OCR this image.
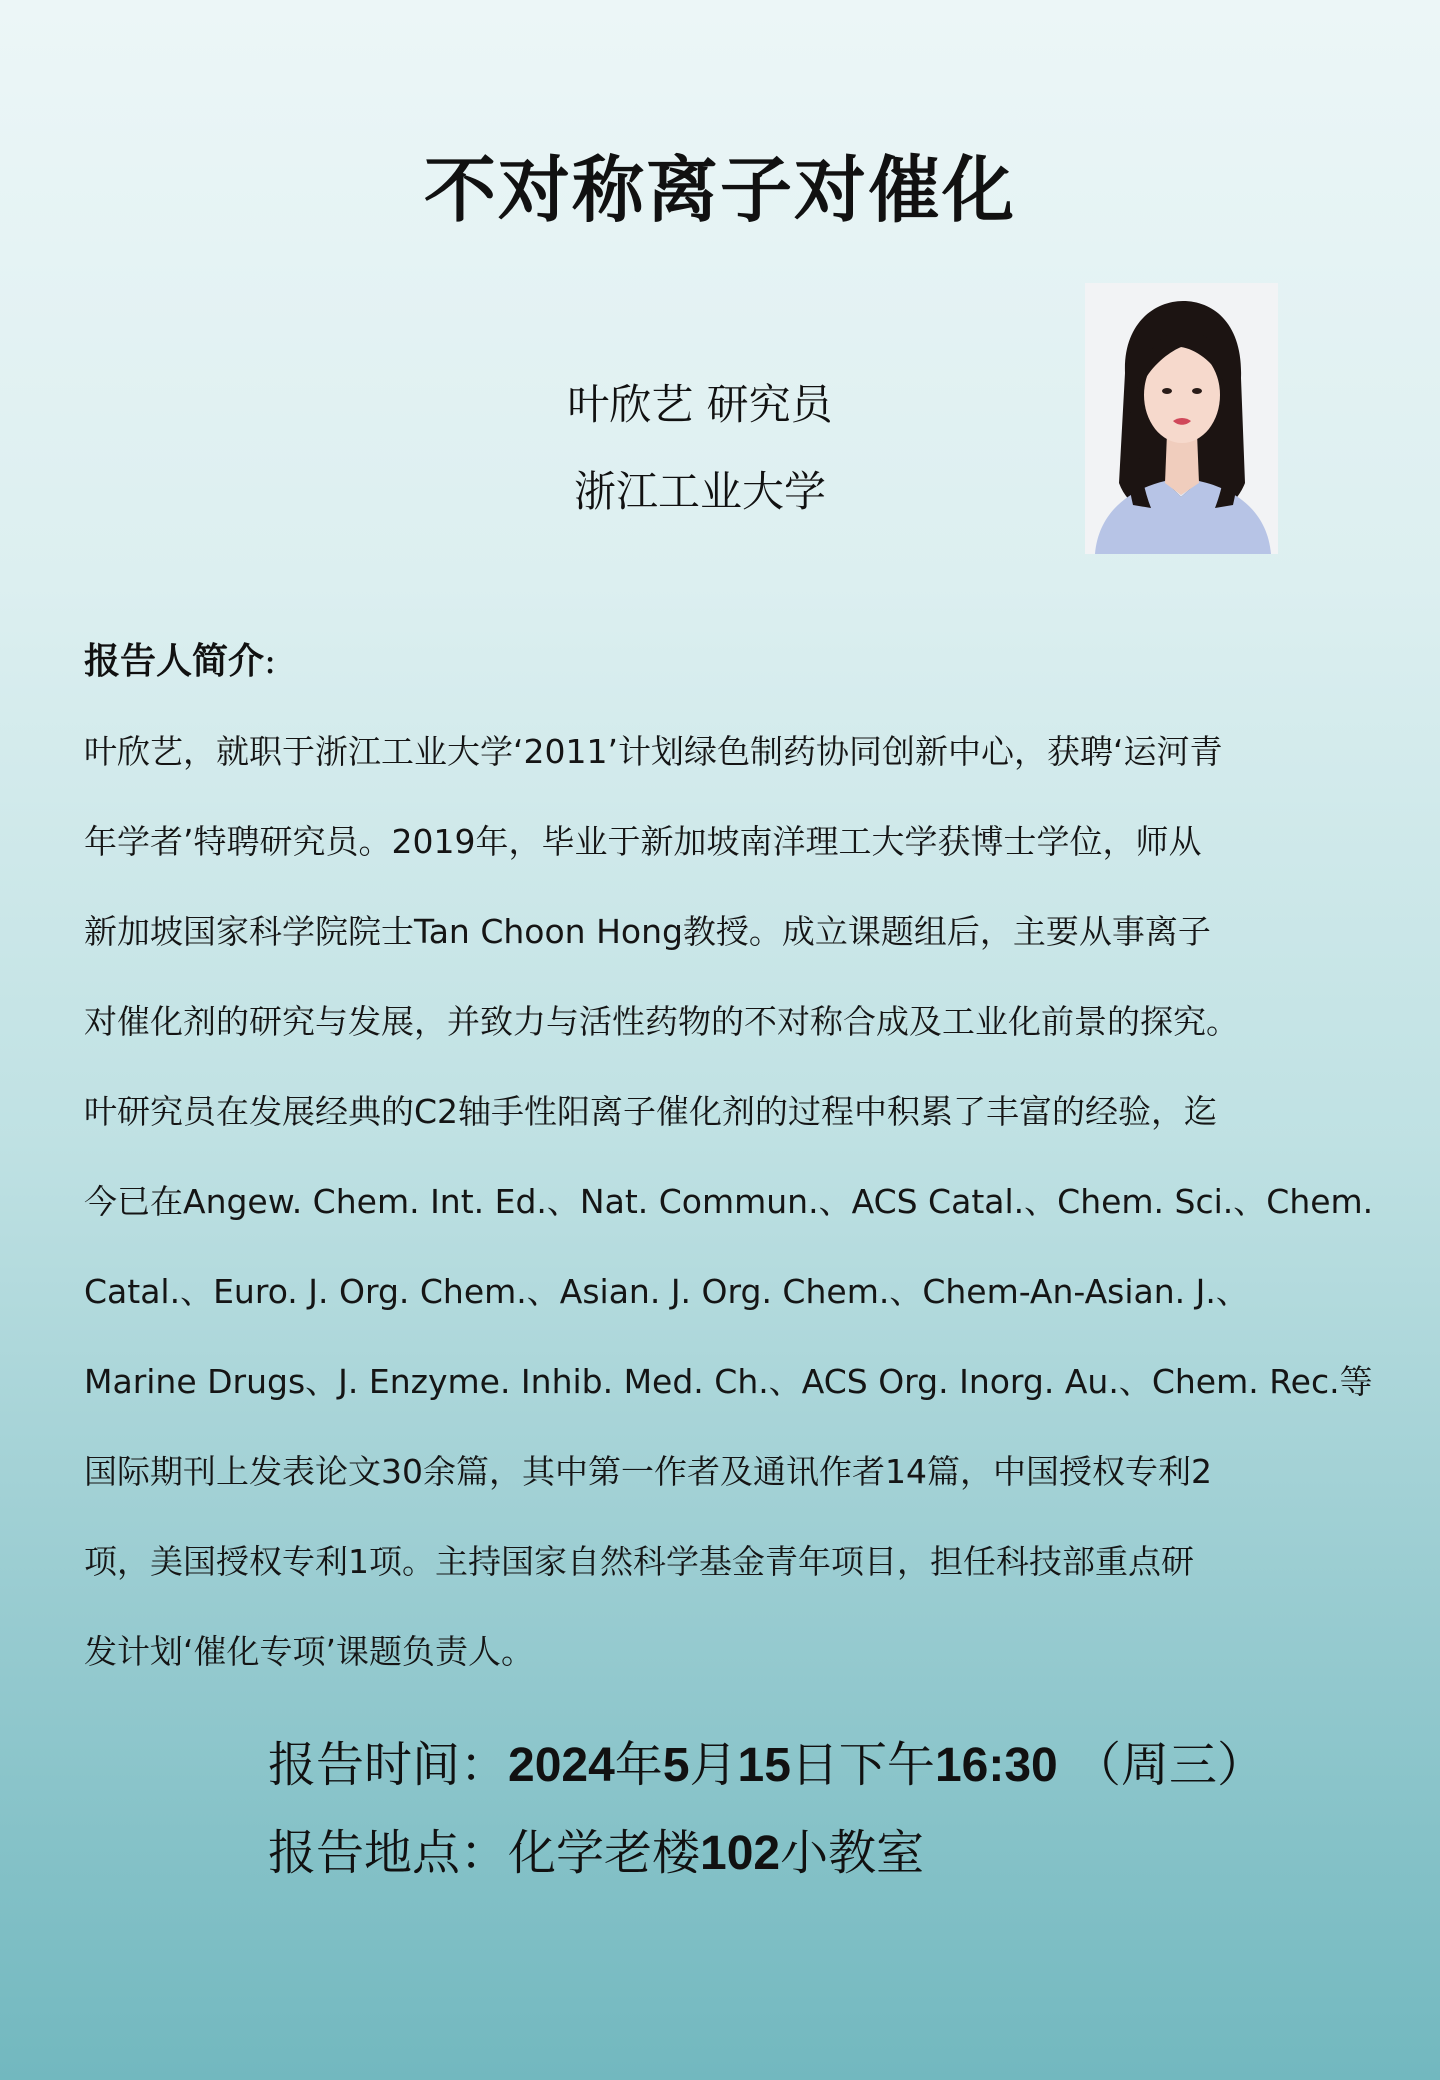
不对称离子对催化
叶欣艺 研究员
浙江工业大学
报告人简介:
叶欣艺，就职于浙江工业大学‘2011’计划绿色制药协同创新中心，获聘‘运河青
年学者’特聘研究员。2019年，毕业于新加坡南洋理工大学获博士学位，师从
新加坡国家科学院院士Tan Choon Hong教授。成立课题组后，主要从事离子
对催化剂的研究与发展，并致力与活性药物的不对称合成及工业化前景的探究。
叶研究员在发展经典的C2轴手性阳离子催化剂的过程中积累了丰富的经验，迄
今已在Angew. Chem. Int. Ed.、Nat. Commun.、ACS Catal.、Chem. Sci.、Chem.
Catal.、Euro. J. Org. Chem.、Asian. J. Org. Chem.、Chem-An-Asian. J.、
Marine Drugs、J. Enzyme. Inhib. Med. Ch.、ACS Org. Inorg. Au.、Chem. Rec.等
国际期刊上发表论文30余篇，其中第一作者及通讯作者14篇，中国授权专利2
项，美国授权专利1项。主持国家自然科学基金青年项目，担任科技部重点研
发计划‘催化专项’课题负责人。
报告时间：2024年5月15日下午16:30 （周三）
报告地点：化学老楼102小教室
